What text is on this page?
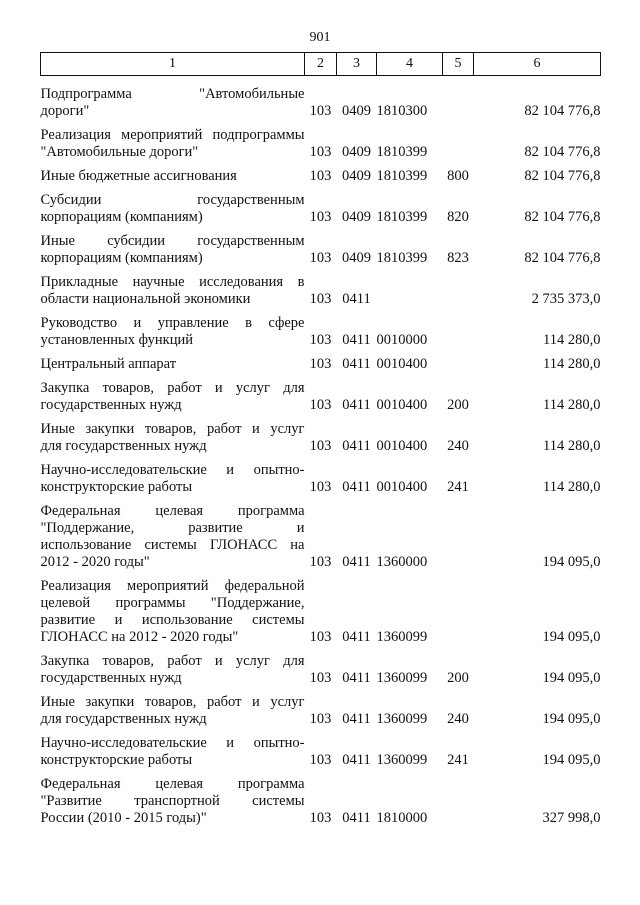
901
1	2	3	4	5	6

Подпрограмма "Автомобильные
дороги"	103	0409	1810300		82 104 776,8

Реализация мероприятий подпрограммы
"Автомобильные дороги"	103	0409	1810399		82 104 776,8

Иные бюджетные ассигнования	103	0409	1810399	800	82 104 776,8

Субсидии государственным
корпорациям (компаниям)	103	0409	1810399	820	82 104 776,8

Иные субсидии государственным
корпорациям (компаниям)	103	0409	1810399	823	82 104 776,8

Прикладные научные исследования в
области национальной экономики	103	0411			2 735 373,0

Руководство и управление в сфере
установленных функций	103	0411	0010000		114 280,0

Центральный аппарат	103	0411	0010400		114 280,0

Закупка товаров, работ и услуг для
государственных нужд	103	0411	0010400	200	114 280,0

Иные закупки товаров, работ и услуг
для государственных нужд	103	0411	0010400	240	114 280,0

Научно-исследовательские и опытно-
конструкторские работы	103	0411	0010400	241	114 280,0

Федеральная целевая программа
"Поддержание, развитие и
использование системы ГЛОНАСС на
2012 - 2020 годы"	103	0411	1360000		194 095,0

Реализация мероприятий федеральной
целевой программы "Поддержание,
развитие и использование системы
ГЛОНАСС на 2012 - 2020 годы"	103	0411	1360099		194 095,0

Закупка товаров, работ и услуг для
государственных нужд	103	0411	1360099	200	194 095,0

Иные закупки товаров, работ и услуг
для государственных нужд	103	0411	1360099	240	194 095,0

Научно-исследовательские и опытно-
конструкторские работы	103	0411	1360099	241	194 095,0

Федеральная целевая программа
"Развитие транспортной системы
России (2010 - 2015 годы)"	103	0411	1810000		327 998,0
